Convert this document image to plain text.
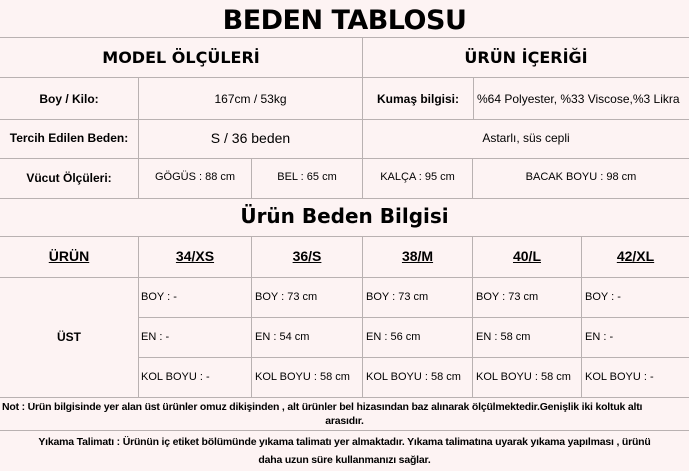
BEDEN TABLOSU
MODEL ÖLÇÜLERİ	ÜRÜN İÇERİĞİ
Boy / Kilo:	167cm / 53kg	Kumaş bilgisi:	%64 Polyester, %33 Viscose,%3 Likra
Tercih Edilen Beden:	S / 36 beden	Astarlı, süs cepli
Vücut Ölçüleri:	GÖGÜS : 88 cm	BEL : 65 cm	KALÇA : 95 cm	BACAK BOYU : 98 cm
Ürün Beden Bilgisi
ÜRÜN	34/XS	36/S	38/M	40/L	42/XL
ÜST
BOY : -	BOY : 73 cm	BOY : 73 cm	BOY : 73 cm	BOY : -
EN : -	EN : 54 cm	EN : 56 cm	EN : 58 cm	EN : -
KOL BOYU : -	KOL BOYU : 58 cm KOL BOYU : 58 cm KOL BOYU : 58 cm KOL BOYU : -
Not : Ürün bilgisinde yer alan üst ürünler omuz dikişinden , alt ürünler bel hizasından baz alınarak ölçülmektedir.Genişlik iki koltuk altı
arasıdır.
Yıkama Talimatı : Ürünün iç etiket bölümünde yıkama talimatı yer almaktadır. Yıkama talimatına uyarak yıkama yapılması , ürünü
daha uzun süre kullanmanızı sağlar.
